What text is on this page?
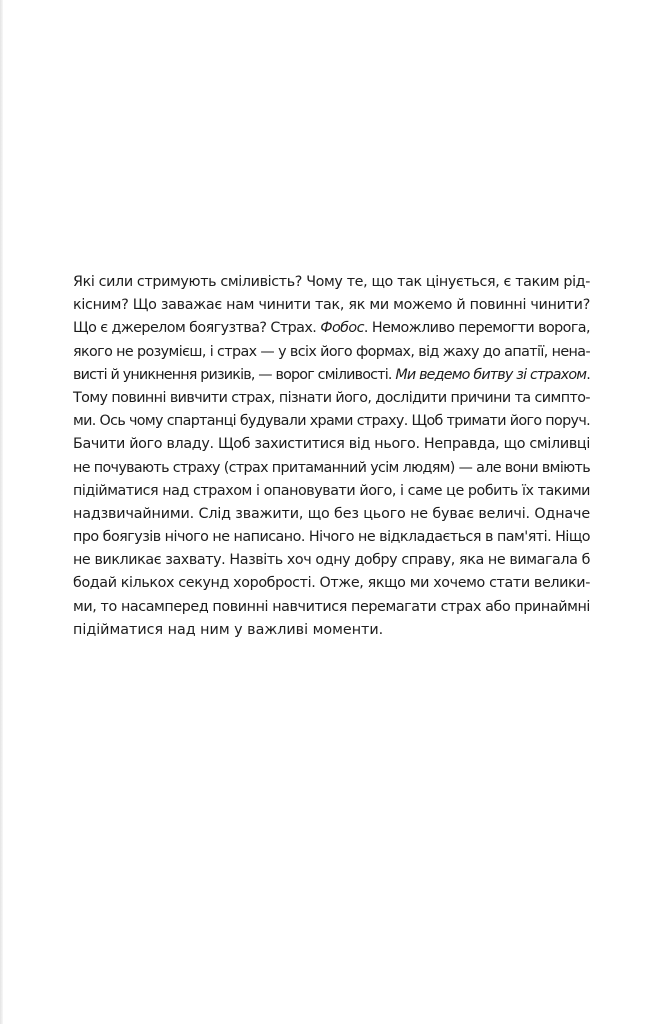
Які сили стримують сміливість? Чому те, що так цінується, є таким рід-
кісним? Що заважає нам чинити так, як ми можемо й повинні чинити?
Що є джерелом боягузтва? Страх. Фобос. Неможливо перемогти ворога,
якого не розумієш, і страх — у всіх його формах, від жаху до апатії, нена-
висті й уникнення ризиків, — ворог сміливості. Ми ведемо битву зі страхом.
Тому повинні вивчити страх, пізнати його, дослідити причини та симпто-
ми. Ось чому спартанці будували храми страху. Щоб тримати його поруч.
Бачити його владу. Щоб захиститися від нього. Неправда, що сміливці
не почувають страху (страх притаманний усім людям) — але вони вміють
підійматися над страхом і опановувати його, і саме це робить їх такими
надзвичайними. Слід зважити, що без цього не буває величі. Одначе
про боягузів нічого не написано. Нічого не відкладається в пам'яті. Ніщо
не викликає захвату. Назвіть хоч одну добру справу, яка не вимагала б
бодай кількох секунд хоробрості. Отже, якщо ми хочемо стати велики-
ми, то насамперед повинні навчитися перемагати страх або принаймні
підійматися над ним у важливі моменти.
